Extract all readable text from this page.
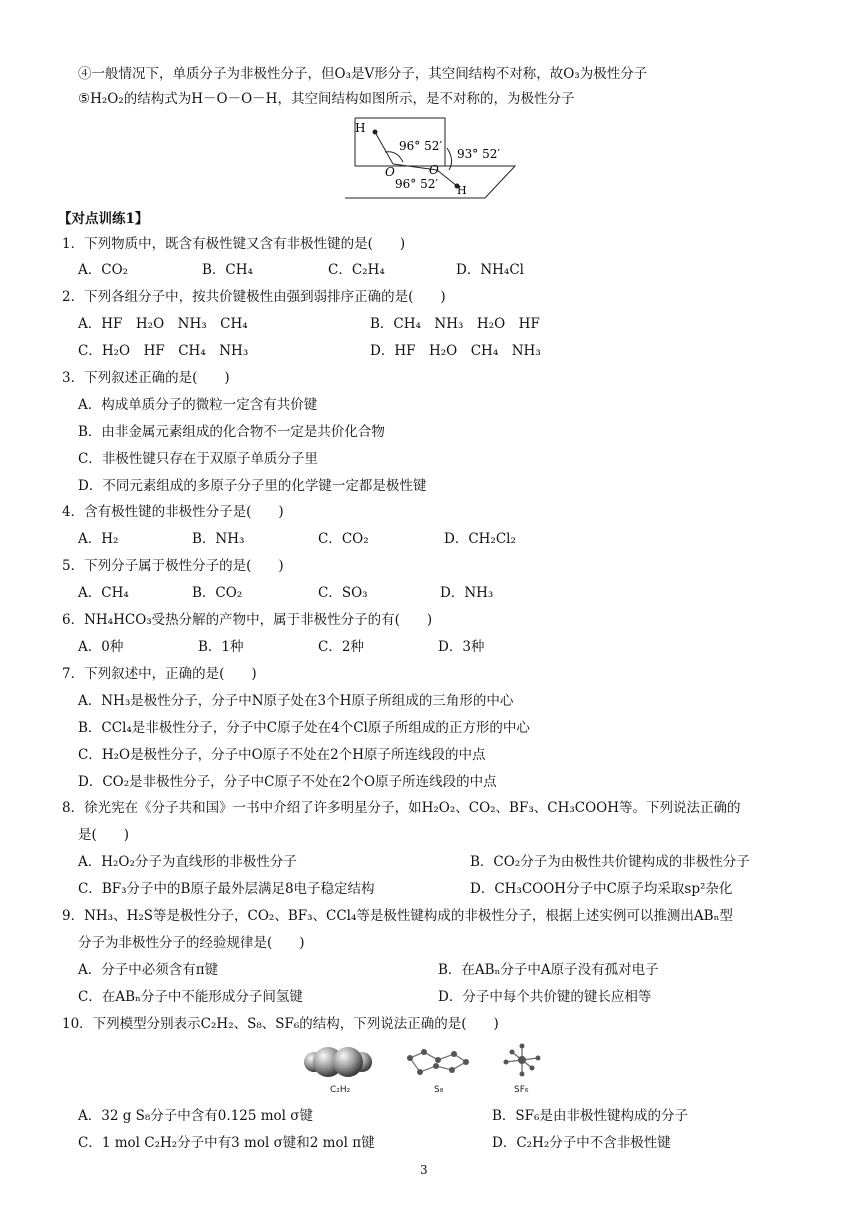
④一般情况下，单质分子为非极性分子，但O₃是V形分子，其空间结构不对称，故O₃为极性分子
⑤H₂O₂的结构式为H－O－O－H，其空间结构如图所示，是不对称的，为极性分子
H
O	O
H
96° 52′
96° 52′
93° 52′
【对点训练1】
1．下列物质中，既含有极性键又含有非极性键的是(　　)
A．CO₂	B．CH₄	C．C₂H₄	D．NH₄Cl
2．下列各组分子中，按共价键极性由强到弱排序正确的是(　　)
A．HF　H₂O　NH₃　CH₄	B．CH₄　NH₃　H₂O　HF
C．H₂O　HF　CH₄　NH₃	D．HF　H₂O　CH₄　NH₃
3．下列叙述正确的是(　　)
A．构成单质分子的微粒一定含有共价键
B．由非金属元素组成的化合物不一定是共价化合物
C．非极性键只存在于双原子单质分子里
D．不同元素组成的多原子分子里的化学键一定都是极性键
4．含有极性键的非极性分子是(　　)
A．H₂	B．NH₃	C．CO₂	D．CH₂Cl₂
5．下列分子属于极性分子的是(　　)
A．CH₄	B．CO₂	C．SO₃	D．NH₃
6．NH₄HCO₃受热分解的产物中，属于非极性分子的有(　　)
A．0种	B．1种	C．2种	D．3种
7．下列叙述中，正确的是(　　)
A．NH₃是极性分子，分子中N原子处在3个H原子所组成的三角形的中心
B．CCl₄是非极性分子，分子中C原子处在4个Cl原子所组成的正方形的中心
C．H₂O是极性分子，分子中O原子不处在2个H原子所连线段的中点
D．CO₂是非极性分子，分子中C原子不处在2个O原子所连线段的中点
8．徐光宪在《分子共和国》一书中介绍了许多明星分子，如H₂O₂、CO₂、BF₃、CH₃COOH等。下列说法正确的
是(　　)
A．H₂O₂分子为直线形的非极性分子	B．CO₂分子为由极性共价键构成的非极性分子
C．BF₃分子中的B原子最外层满足8电子稳定结构	D．CH₃COOH分子中C原子均采取sp²杂化
9．NH₃、H₂S等是极性分子，CO₂、BF₃、CCl₄等是极性键构成的非极性分子，根据上述实例可以推测出ABₙ型
分子为非极性分子的经验规律是(　　)
A．分子中必须含有π键	B．在ABₙ分子中A原子没有孤对电子
C．在ABₙ分子中不能形成分子间氢键	D．分子中每个共价键的键长应相等
10．下列模型分别表示C₂H₂、S₈、SF₆的结构，下列说法正确的是(　　)
C₂H₂	S₈	SF₆
A．32 g S₈分子中含有0.125 mol σ键	B．SF₆是由非极性键构成的分子
C．1 mol C₂H₂分子中有3 mol σ键和2 mol π键	D．C₂H₂分子中不含非极性键
3
